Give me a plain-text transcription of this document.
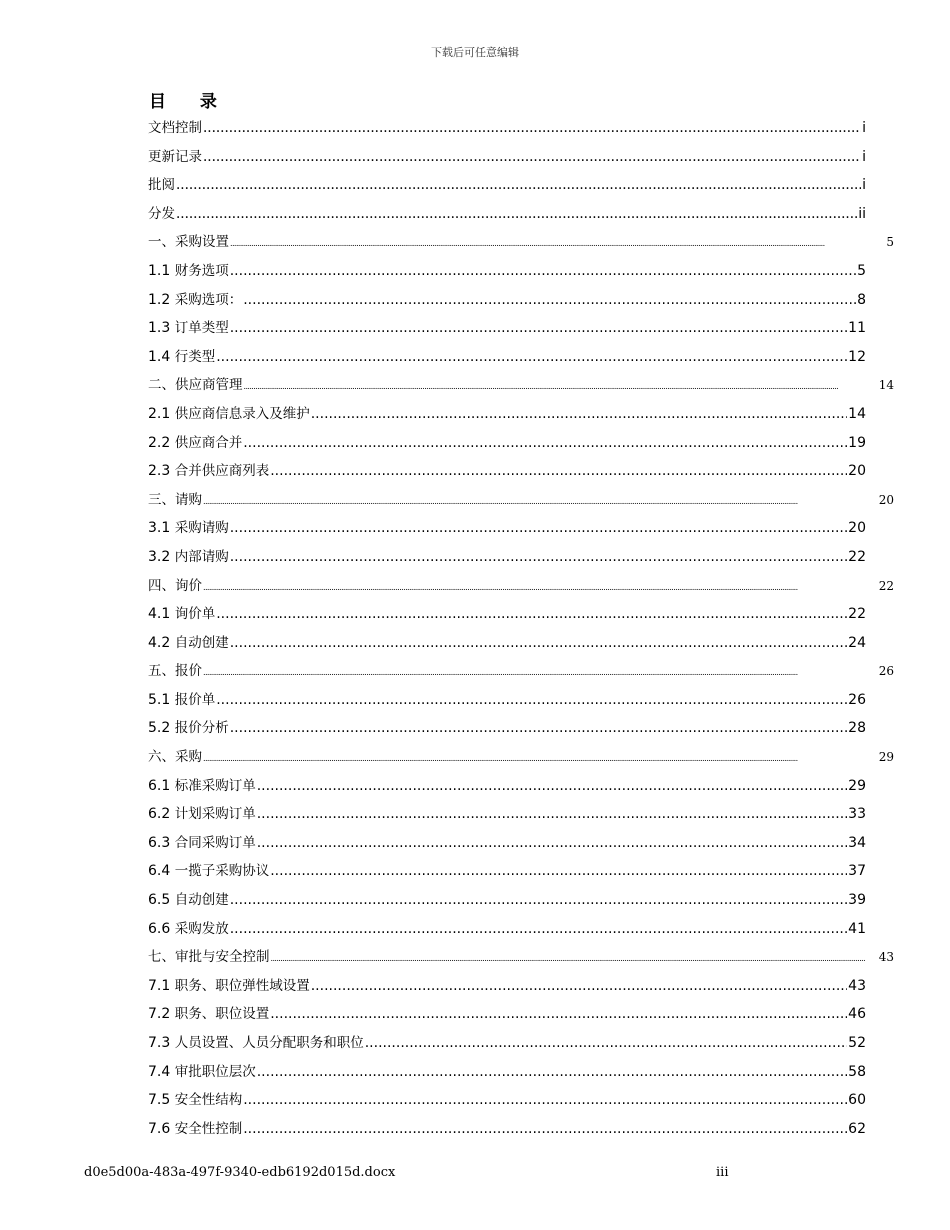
下载后可任意编辑
目 录
文档控制 .....	i
更新记录 .....	i
批阅 .....	i
分发 .....	ii
一、采购设置 .....	5
1.1 财务选项 .....	5
1.2 采购选项： .....	8
1.3 订单类型 .....	11
1.4 行类型 .....	12
二、供应商管理 .....	14
2.1 供应商信息录入及维护 .....	14
2.2 供应商合并 .....	19
2.3 合并供应商列表 .....	20
三、请购 .....	20
3.1 采购请购 .....	20
3.2 内部请购 .....	22
四、询价 .....	22
4.1 询价单 .....	22
4.2 自动创建 .....	24
五、报价 .....	26
5.1 报价单 .....	26
5.2 报价分析 .....	28
六、采购 .....	29
6.1 标准采购订单 .....	29
6.2 计划采购订单 .....	33
6.3 合同采购订单 .....	34
6.4 一揽子采购协议 .....	37
6.5 自动创建 .....	39
6.6 采购发放 .....	41
七、审批与安全控制 .....	43
7.1 职务、职位弹性域设置 .....	43
7.2 职务、职位设置 .....	46
7.3 人员设置、人员分配职务和职位 .....	52
7.4 审批职位层次 .....	58
7.5 安全性结构 .....	60
7.6 安全性控制 .....	62
d0e5d00a-483a-497f-9340-edb6192d015d.docx	iii
